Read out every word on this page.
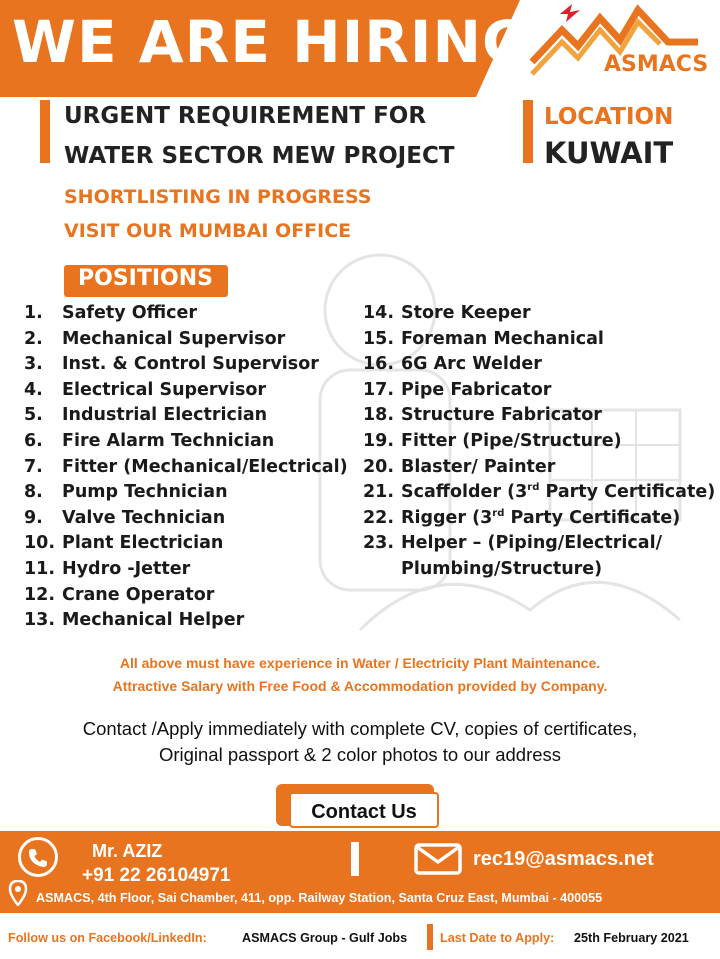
WE ARE HIRING	ASMACS
URGENT REQUIREMENT FOR
WATER SECTOR MEW PROJECT
LOCATION
KUWAIT
SHORTLISTING IN PROGRESS
VISIT OUR MUMBAI OFFICE
POSITIONS
1.	Safety Officer
2.	Mechanical Supervisor
3.	Inst. & Control Supervisor
4.	Electrical Supervisor
5.	Industrial Electrician
6.	Fire Alarm Technician
7.	Fitter (Mechanical/Electrical)
8.	Pump Technician
9.	Valve Technician
10. Plant Electrician
11. Hydro -Jetter
12. Crane Operator
13. Mechanical Helper
14. Store Keeper
15. Foreman Mechanical
16. 6G Arc Welder
17. Pipe Fabricator
18. Structure Fabricator
19. Fitter (Pipe/Structure)
20. Blaster/ Painter
21. Scaffolder (3rd Party Certificate)
22. Rigger (3rd Party Certificate)
23. Helper – (Piping/Electrical/
Plumbing/Structure)
All above must have experience in Water / Electricity Plant Maintenance.
Attractive Salary with Free Food & Accommodation provided by Company.
Contact /Apply immediately with complete CV, copies of certificates,
Original passport & 2 color photos to our address
Contact Us
Mr. AZIZ
+91 22 26104971
rec19@asmacs.net
ASMACS, 4th Floor, Sai Chamber, 411, opp. Railway Station, Santa Cruz East, Mumbai - 400055
Follow us on Facebook/LinkedIn:	ASMACS Group - Gulf Jobs	Last Date to Apply: 25th February 2021
